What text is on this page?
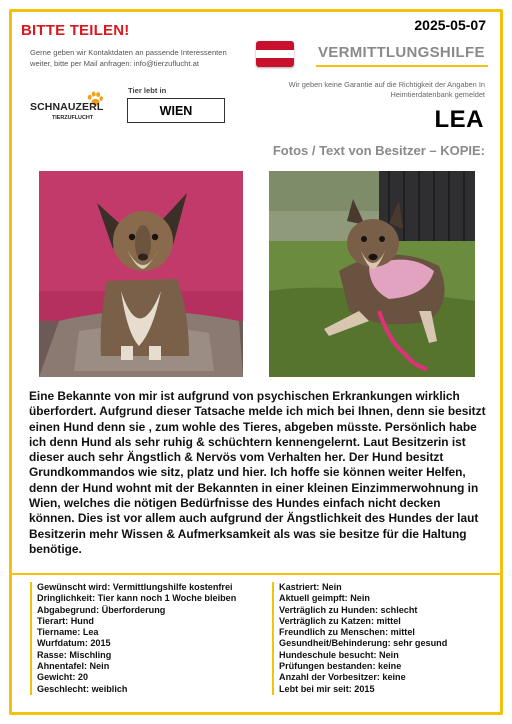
BITTE TEILEN!	2025-05-07
Gerne geben wir Kontaktdaten an passende Interessenten weiter, bitte per Mail anfragen: info@tierzuflucht.at
VERMITTLUNGSHILFE
Wir geben keine Garantie auf die Richtigkeit der Angaben In Heimtierdatenbank gemeldet
SCHNAUZERL
TIERZUFLUCHT
Tier lebt in
WIEN	LEA
Fotos / Text von Besitzer – KOPIE:
Eine Bekannte von mir ist aufgrund von psychischen Erkrankungen wirklich überfordert. Aufgrund dieser Tatsache melde ich mich bei Ihnen, denn sie besitzt einen Hund denn sie , zum wohle des Tieres, abgeben müsste. Persönlich habe ich denn Hund als sehr ruhig & schüchtern kennengelernt. Laut Besitzerin ist dieser auch sehr Ängstlich & Nervös vom Verhalten her. Der Hund besitzt Grundkommandos wie sitz, platz und hier. Ich hoffe sie können weiter Helfen, denn der Hund wohnt mit der Bekannten in einer kleinen Einzimmerwohnung in Wien, welches die nötigen Bedürfnisse des Hundes einfach nicht decken können. Dies ist vor allem auch aufgrund der Ängstlichkeit des Hundes der laut Besitzerin mehr Wissen & Aufmerksamkeit als was sie besitze für die Haltung benötige.
Gewünscht wird: Vermittlungshilfe kostenfrei
Dringlichkeit: Tier kann noch 1 Woche bleiben
Abgabegrund: Überforderung
Tierart: Hund
Tiername: Lea
Wurfdatum: 2015
Rasse: Mischling
Ahnentafel: Nein
Gewicht: 20
Geschlecht: weiblich
Kastriert: Nein
Aktuell geimpft: Nein
Verträglich zu Hunden: schlecht
Verträglich zu Katzen: mittel
Freundlich zu Menschen: mittel
Gesundheit/Behinderung: sehr gesund
Hundeschule besucht: Nein
Prüfungen bestanden: keine
Anzahl der Vorbesitzer: keine
Lebt bei mir seit: 2015
